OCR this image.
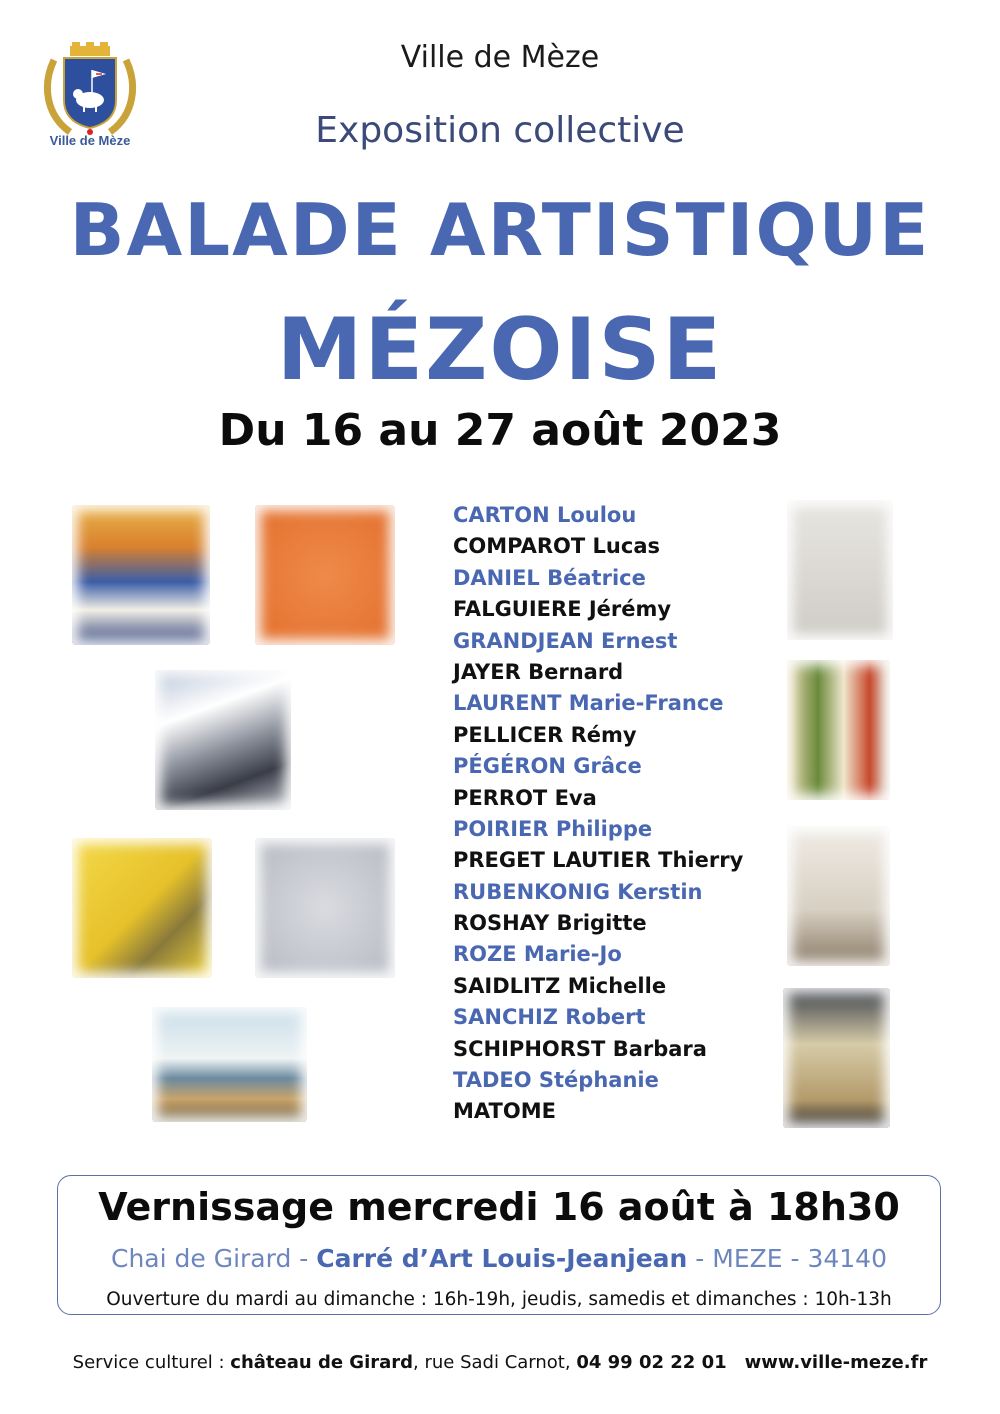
Ville de Mèze
Ville de Mèze
Exposition collective
BALADE ARTISTIQUE
MÉZOISE
Du 16 au 27 août 2023
CARTON Loulou
COMPAROT Lucas
DANIEL Béatrice
FALGUIERE Jérémy
GRANDJEAN Ernest
JAYER Bernard
LAURENT Marie-France
PELLICER Rémy
PÉGÉRON Grâce
PERROT Eva
POIRIER Philippe
PREGET LAUTIER Thierry
RUBENKONIG Kerstin
ROSHAY Brigitte
ROZE Marie-Jo
SAIDLITZ Michelle
SANCHIZ Robert
SCHIPHORST Barbara
TADEO Stéphanie
MATOME
Vernissage mercredi 16 août à 18h30
Chai de Girard - Carré d’Art Louis-Jeanjean - MEZE - 34140
Ouverture du mardi au dimanche : 16h-19h, jeudis, samedis et dimanches : 10h-13h
Service culturel : château de Girard, rue Sadi Carnot, 04 99 02 22 01 www.ville-meze.fr
